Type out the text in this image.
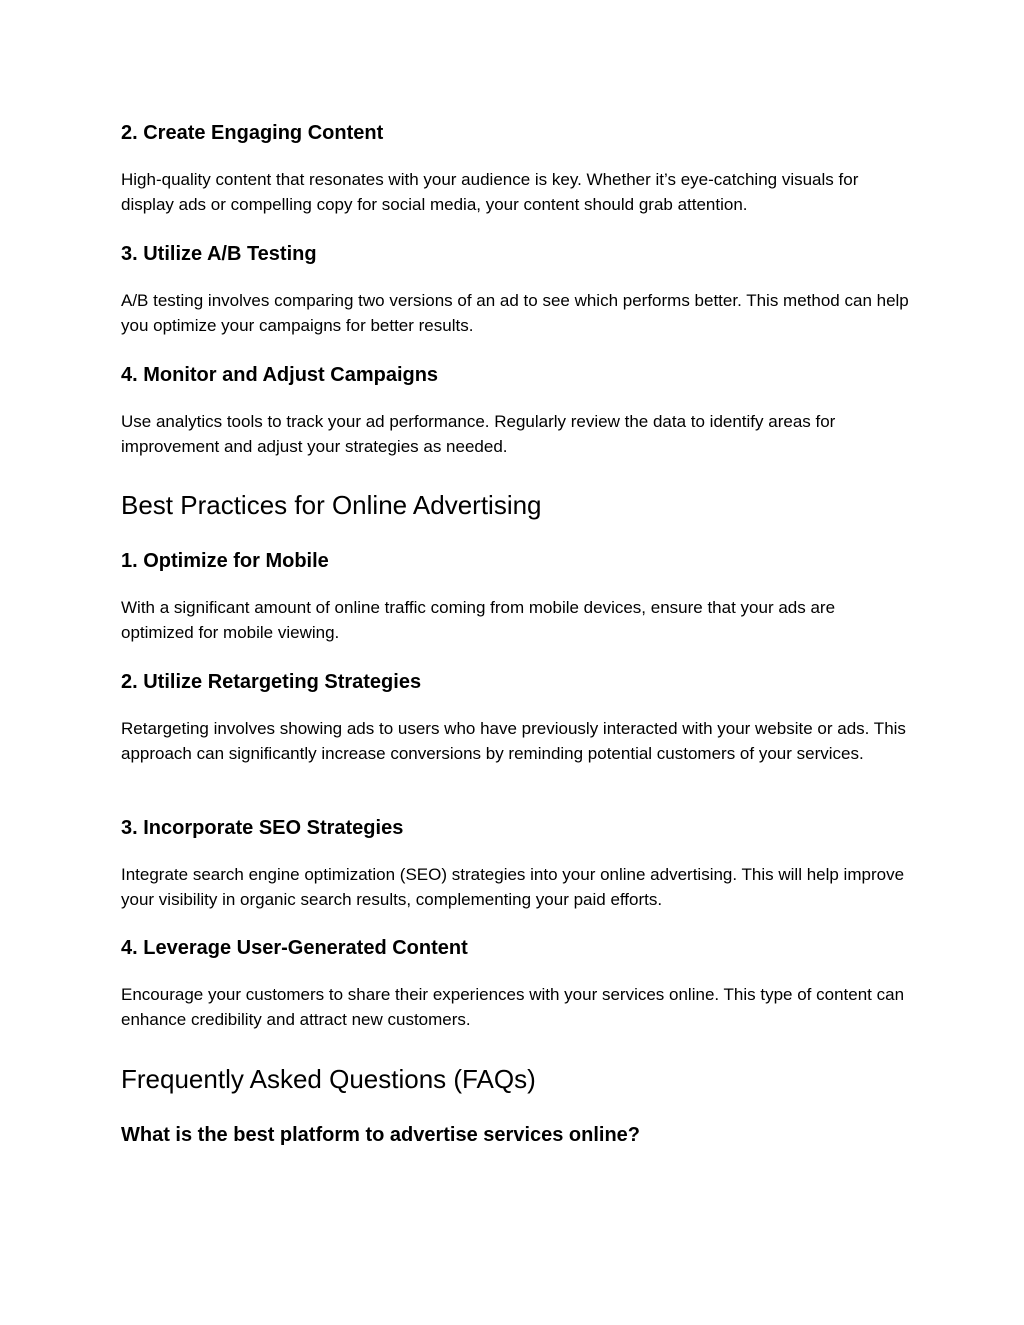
2. Create Engaging Content

High-quality content that resonates with your audience is key. Whether it’s eye-catching visuals for display ads or compelling copy for social media, your content should grab attention.

3. Utilize A/B Testing

A/B testing involves comparing two versions of an ad to see which performs better. This method can help you optimize your campaigns for better results.

4. Monitor and Adjust Campaigns

Use analytics tools to track your ad performance. Regularly review the data to identify areas for improvement and adjust your strategies as needed.

Best Practices for Online Advertising
1. Optimize for Mobile

With a significant amount of online traffic coming from mobile devices, ensure that your ads are optimized for mobile viewing.

2. Utilize Retargeting Strategies

Retargeting involves showing ads to users who have previously interacted with your website or ads. This approach can significantly increase conversions by reminding potential customers of your services.

3. Incorporate SEO Strategies

Integrate search engine optimization (SEO) strategies into your online advertising. This will help improve your visibility in organic search results, complementing your paid efforts.

4. Leverage User-Generated Content

Encourage your customers to share their experiences with your services online. This type of content can enhance credibility and attract new customers.

Frequently Asked Questions (FAQs)
What is the best platform to advertise services online?
